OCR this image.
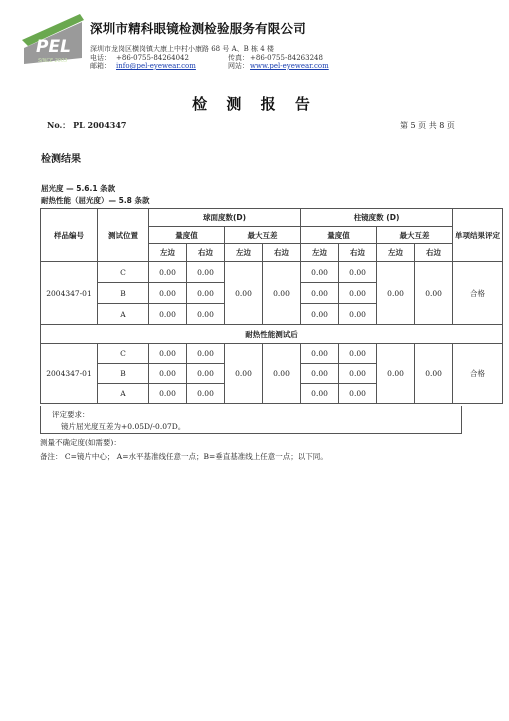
PEL
SINCE 2003
深圳市精科眼镜检测检验服务有限公司
深圳市龙岗区横岗镇大康上中村小康路 68 号 A、B 栋 4 楼
电话： +86-0755-84264042	传真：+86-0755-84263248
邮箱： info@pel-eyewear.com	网站：www.pel-eyewear.com
检 测 报 告
No.： PL 2004347	第 5 页 共 8 页
检测结果
屈光度 — 5.6.1 条款
耐热性能（屈光度）— 5.8 条款
样品编号	测试位置	球面度数(D)				柱镜度数 (D)				单项结果评定
		量度值		最大互差		量度值		最大互差		
		左边	右边	左边	右边	左边	右边	左边	右边	
2004347-01	C	0.00	0.00	0.00	0.00	0.00	0.00	0.00	0.00	合格
	B	0.00	0.00			0.00	0.00			
	A	0.00	0.00			0.00	0.00			
耐热性能测试后										
2004347-01	C	0.00	0.00	0.00	0.00	0.00	0.00	0.00	0.00	合格
	B	0.00	0.00			0.00	0.00			
	A	0.00	0.00			0.00	0.00			
评定要求：
镜片屈光度互差为+0.05D/-0.07D。
测量不确定度(如需要)：
备注： C=镜片中心； A=水平基准线任意一点；B=垂直基准线上任意一点；以下同。
